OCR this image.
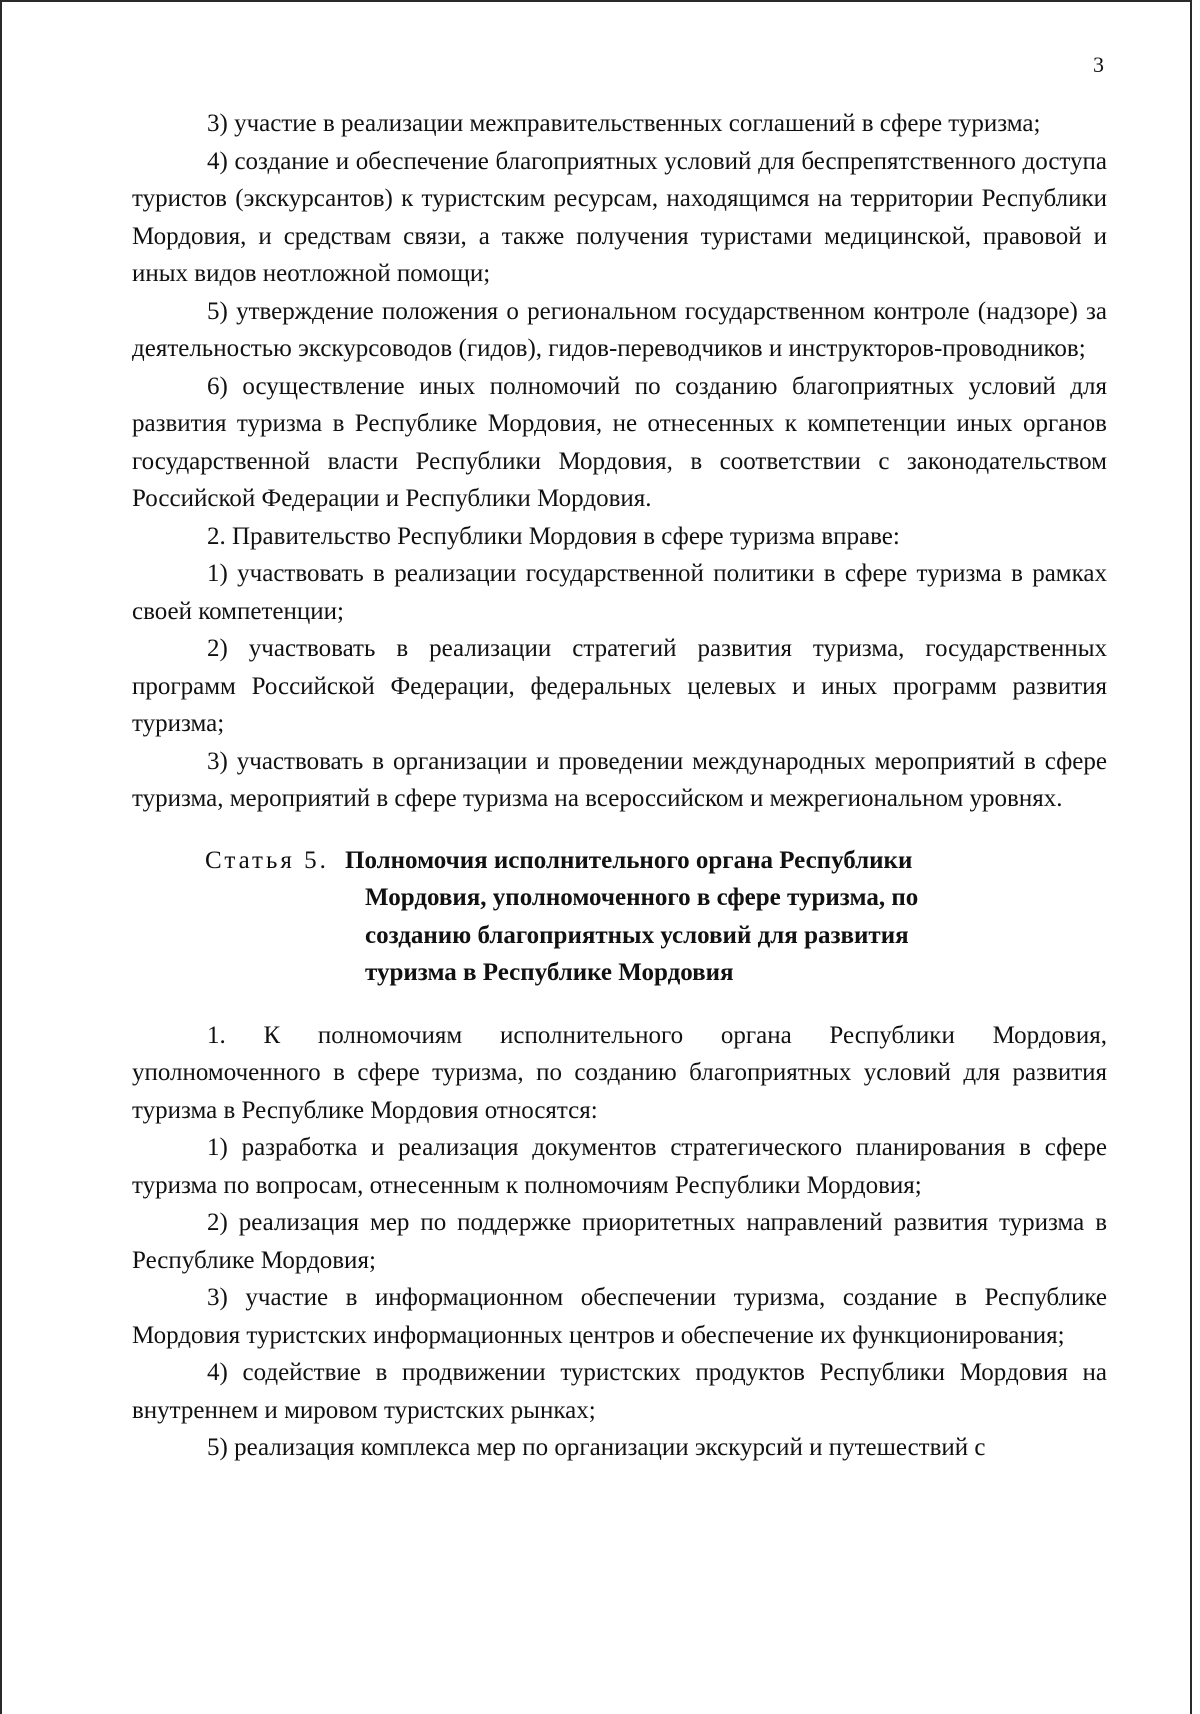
3

3) участие в реализации межправительственных соглашений в сфере туризма;

4) создание и обеспечение благоприятных условий для беспрепятственного доступа туристов (экскурсантов) к туристским ресурсам, находящимся на территории Республики Мордовия, и средствам связи, а также получения туристами медицинской, правовой и иных видов неотложной помощи;

5) утверждение положения о региональном государственном контроле (надзоре) за деятельностью экскурсоводов (гидов), гидов-переводчиков и инструкторов-проводников;

6) осуществление иных полномочий по созданию благоприятных условий для развития туризма в Республике Мордовия, не отнесенных к компетенции иных органов государственной власти Республики Мордовия, в соответствии с законодательством Российской Федерации и Республики Мордовия.

2. Правительство Республики Мордовия в сфере туризма вправе:

1) участвовать в реализации государственной политики в сфере туризма в рамках своей компетенции;

2) участвовать в реализации стратегий развития туризма, государственных программ Российской Федерации, федеральных целевых и иных программ развития туризма;

3) участвовать в организации и проведении международных мероприятий в сфере туризма, мероприятий в сфере туризма на всероссийском и межрегиональном уровнях.

Статья 5. Полномочия исполнительного органа Республики
Мордовия, уполномоченного в сфере туризма, по
созданию благоприятных условий для развития
туризма в Республике Мордовия

1. К полномочиям исполнительного органа Республики Мордовия, уполномоченного в сфере туризма, по созданию благоприятных условий для развития туризма в Республике Мордовия относятся:

1) разработка и реализация документов стратегического планирования в сфере туризма по вопросам, отнесенным к полномочиям Республики Мордовия;

2) реализация мер по поддержке приоритетных направлений развития туризма в Республике Мордовия;

3) участие в информационном обеспечении туризма, создание в Республике Мордовия туристских информационных центров и обеспечение их функционирования;

4) содействие в продвижении туристских продуктов Республики Мордовия на внутреннем и мировом туристских рынках;

5) реализация комплекса мер по организации экскурсий и путешествий с
